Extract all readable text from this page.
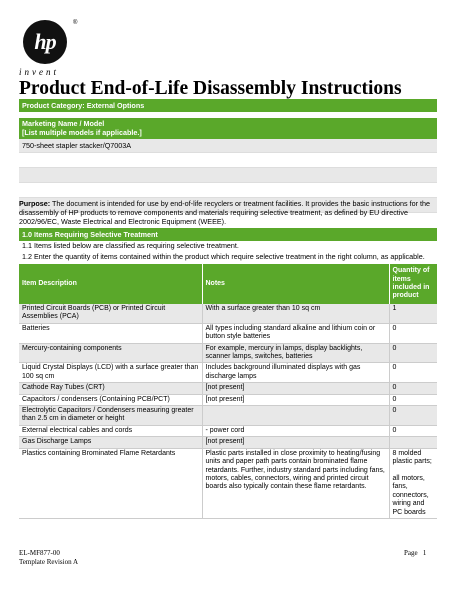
hp
®
invent
Product End-of-Life Disassembly Instructions
Product Category: External Options
Marketing Name / Model
[List multiple models if applicable.]
750-sheet stapler stacker/Q7003A
Purpose: The document is intended for use by end-of-life recyclers or treatment facilities. It provides the basic instructions for the disassembly of HP products to remove components and materials requiring selective treatment, as defined by EU directive 2002/96/EC, Waste Electrical and Electronic Equipment (WEEE).
1.0 Items Requiring Selective Treatment
1.1 Items listed below are classified as requiring selective treatment.
1.2 Enter the quantity of items contained within the product which require selective treatment in the right column, as applicable.
Item Description	Notes	Quantity of items included in product
Printed Circuit Boards (PCB) or Printed Circuit Assemblies (PCA)	With a surface greater than 10 sq cm	1
Batteries	All types including standard alkaline and lithium coin or button style batteries	0
Mercury-containing components	For example, mercury in lamps, display backlights, scanner lamps, switches, batteries	0
Liquid Crystal Displays (LCD) with a surface greater than 100 sq cm	Includes background illuminated displays with gas discharge lamps	0
Cathode Ray Tubes (CRT)	[not present]	0
Capacitors / condensers (Containing PCB/PCT)	[not present]	0
Electrolytic Capacitors / Condensers measuring greater than 2.5 cm in diameter or height		0
External electrical cables and cords	- power cord	0
Gas Discharge Lamps	[not present]	
Plastics containing Brominated Flame Retardants	Plastic parts installed in close proximity to heating/fusing units and paper path parts contain brominated flame retardants. Further, industry standard parts including fans, motors, cables, connectors, wiring and printed circuit boards also typically contain these flame retardants.	8 molded plastic parts;

all motors, fans, connectors, wiring and PC boards
EL-MF877-00
Template Revision A
Page 1
